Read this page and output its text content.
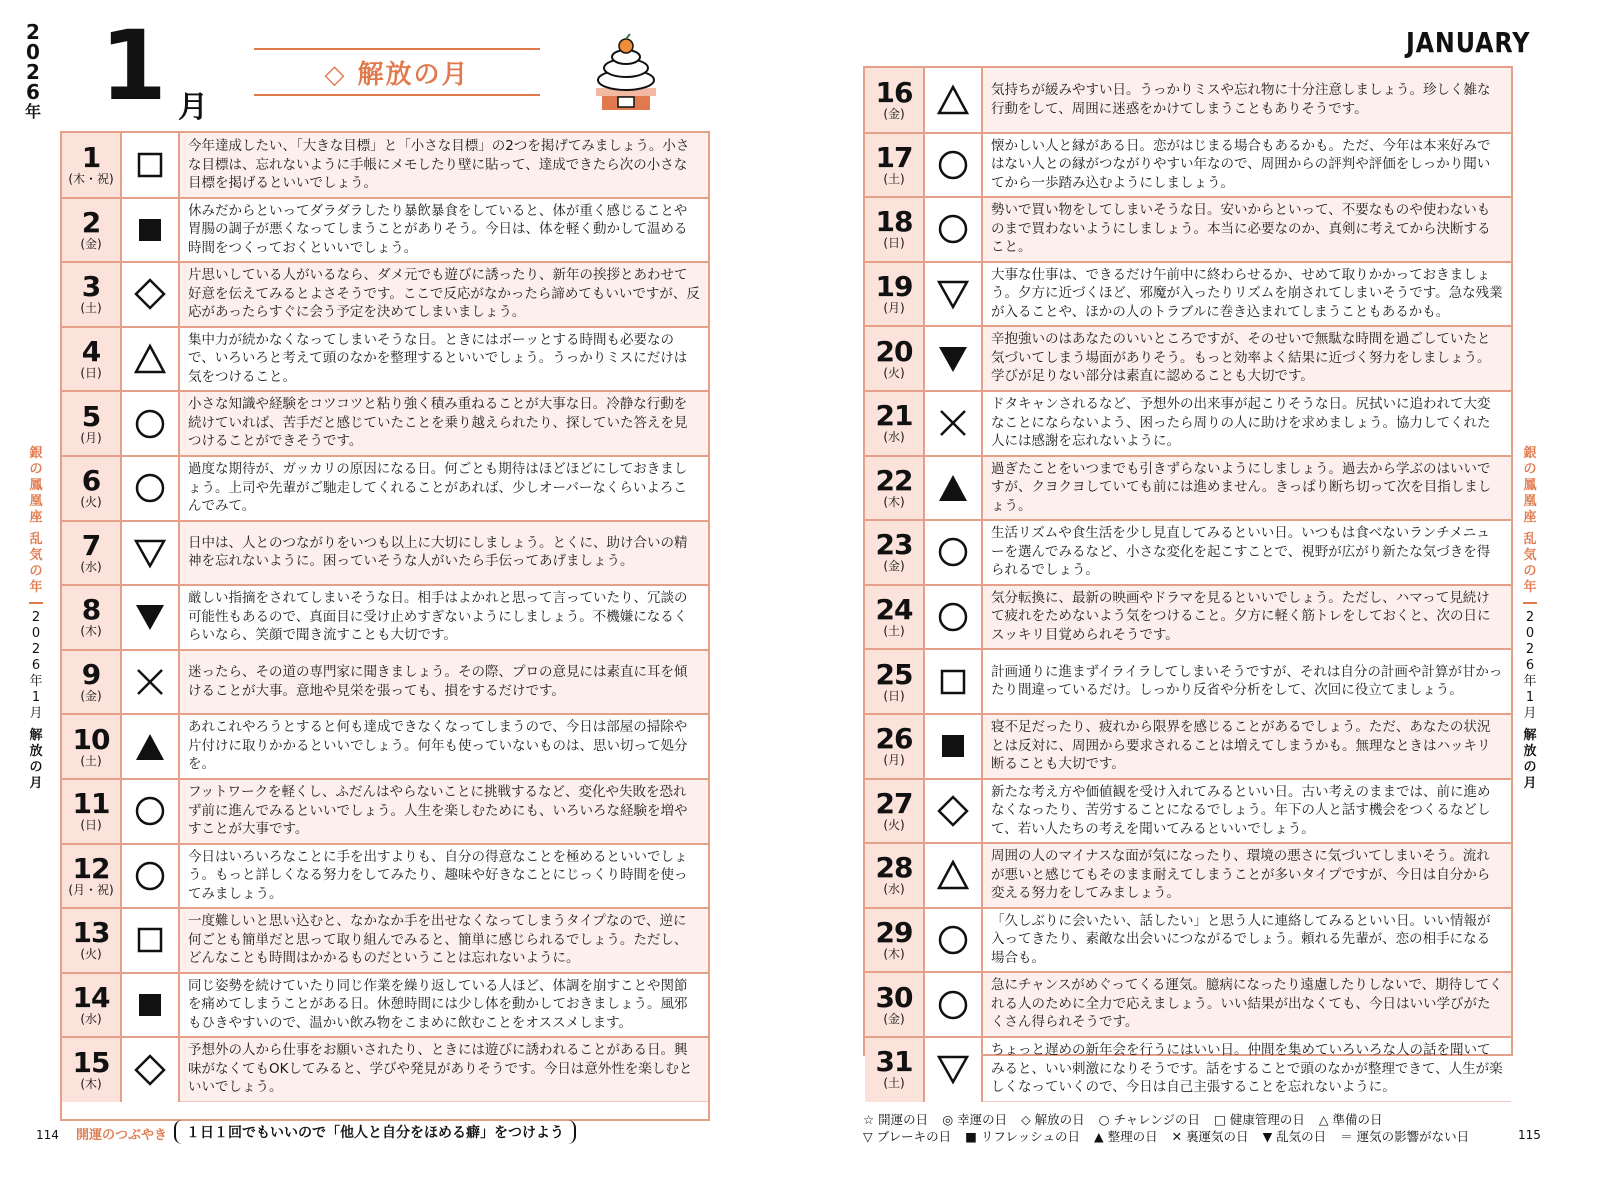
2
0
2
6
年 1 月
◇ 解放の月
銀
の
鳳
凰
座
乱
気
の
年
2
0
2
6
年
1
月
解
放
の
月
1
(木・祝)
今年達成したい、「大きな目標」と「小さな目標」の2つを掲げてみましょう。小さな目標は、忘れないように手帳にメモしたり壁に貼って、達成できたら次の小さな目標を掲げるといいでしょう。
2
(金)
休みだからといってダラダラしたり暴飲暴食をしていると、体が重く感じることや胃腸の調子が悪くなってしまうことがありそう。今日は、体を軽く動かして温める時間をつくっておくといいでしょう。
3
(土)
片思いしている人がいるなら、ダメ元でも遊びに誘ったり、新年の挨拶とあわせて好意を伝えてみるとよさそうです。ここで反応がなかったら諦めてもいいですが、反応があったらすぐに会う予定を決めてしまいましょう。
4
(日)
集中力が続かなくなってしまいそうな日。ときにはボーッとする時間も必要なので、いろいろと考えて頭のなかを整理するといいでしょう。うっかりミスにだけは気をつけること。
5
(月)
小さな知識や経験をコツコツと粘り強く積み重ねることが大事な日。冷静な行動を続けていれば、苦手だと感じていたことを乗り越えられたり、探していた答えを見つけることができそうです。
6
(火)
過度な期待が、ガッカリの原因になる日。何ごとも期待はほどほどにしておきましょう。上司や先輩がご馳走してくれることがあれば、少しオーバーなくらいよろこんでみて。
7
(水)
日中は、人とのつながりをいつも以上に大切にしましょう。とくに、助け合いの精神を忘れないように。困っていそうな人がいたら手伝ってあげましょう。
8
(木)
厳しい指摘をされてしまいそうな日。相手はよかれと思って言っていたり、冗談の可能性もあるので、真面目に受け止めすぎないようにしましょう。不機嫌になるくらいなら、笑顔で聞き流すことも大切です。
9
(金)
迷ったら、その道の専門家に聞きましょう。その際、プロの意見には素直に耳を傾けることが大事。意地や見栄を張っても、損をするだけです。
10
(土)
あれこれやろうとすると何も達成できなくなってしまうので、今日は部屋の掃除や片付けに取りかかるといいでしょう。何年も使っていないものは、思い切って処分を。
11
(日)
フットワークを軽くし、ふだんはやらないことに挑戦するなど、変化や失敗を恐れず前に進んでみるといいでしょう。人生を楽しむためにも、いろいろな経験を増やすことが大事です。
12
(月・祝)
今日はいろいろなことに手を出すよりも、自分の得意なことを極めるといいでしょう。もっと詳しくなる努力をしてみたり、趣味や好きなことにじっくり時間を使ってみましょう。
13
(火)
一度難しいと思い込むと、なかなか手を出せなくなってしまうタイプなので、逆に何ごとも簡単だと思って取り組んでみると、簡単に感じられるでしょう。ただし、どんなことも時間はかかるものだということは忘れないように。
14
(水)
同じ姿勢を続けていたり同じ作業を繰り返している人ほど、体調を崩すことや関節を痛めてしまうことがある日。休憩時間には少し体を動かしておきましょう。風邪もひきやすいので、温かい飲み物をこまめに飲むことをオススメします。
15
(木)
予想外の人から仕事をお願いされたり、ときには遊びに誘われることがある日。興味がなくてもOKしてみると、学びや発見がありそうです。今日は意外性を楽しむといいでしょう。
114 開運のつぶやき	１日１回でもいいので「他人と自分をほめる癖」をつけよう
JANUARY
銀
の
鳳
凰
座
乱
気
の
年
2
0
2
6
年
1
月
解
放
の
月
16
(金)
気持ちが緩みやすい日。うっかりミスや忘れ物に十分注意しましょう。珍しく雑な行動をして、周囲に迷惑をかけてしまうこともありそうです。
17
(土)
懐かしい人と縁がある日。恋がはじまる場合もあるかも。ただ、今年は本来好みではない人との縁がつながりやすい年なので、周囲からの評判や評価をしっかり聞いてから一歩踏み込むようにしましょう。
18
(日)
勢いで買い物をしてしまいそうな日。安いからといって、不要なものや使わないものまで買わないようにしましょう。本当に必要なのか、真剣に考えてから決断すること。
19
(月)
大事な仕事は、できるだけ午前中に終わらせるか、せめて取りかかっておきましょう。夕方に近づくほど、邪魔が入ったりリズムを崩されてしまいそうです。急な残業が入ることや、ほかの人のトラブルに巻き込まれてしまうこともあるかも。
20
(火)
辛抱強いのはあなたのいいところですが、そのせいで無駄な時間を過ごしていたと気づいてしまう場面がありそう。もっと効率よく結果に近づく努力をしましょう。学びが足りない部分は素直に認めることも大切です。
21
(水)
ドタキャンされるなど、予想外の出来事が起こりそうな日。尻拭いに追われて大変なことにならないよう、困ったら周りの人に助けを求めましょう。協力してくれた人には感謝を忘れないように。
22
(木)
過ぎたことをいつまでも引きずらないようにしましょう。過去から学ぶのはいいですが、クヨクヨしていても前には進めません。きっぱり断ち切って次を目指しましょう。
23
(金)
生活リズムや食生活を少し見直してみるといい日。いつもは食べないランチメニューを選んでみるなど、小さな変化を起こすことで、視野が広がり新たな気づきを得られるでしょう。
24
(土)
気分転換に、最新の映画やドラマを見るといいでしょう。ただし、ハマって見続けて疲れをためないよう気をつけること。夕方に軽く筋トレをしておくと、次の日にスッキリ目覚められそうです。
25
(日)
計画通りに進まずイライラしてしまいそうですが、それは自分の計画や計算が甘かったり間違っているだけ。しっかり反省や分析をして、次回に役立てましょう。
26
(月)
寝不足だったり、疲れから限界を感じることがあるでしょう。ただ、あなたの状況とは反対に、周囲から要求されることは増えてしまうかも。無理なときはハッキリ断ることも大切です。
27
(火)
新たな考え方や価値観を受け入れてみるといい日。古い考えのままでは、前に進めなくなったり、苦労することになるでしょう。年下の人と話す機会をつくるなどして、若い人たちの考えを聞いてみるといいでしょう。
28
(水)
周囲の人のマイナスな面が気になったり、環境の悪さに気づいてしまいそう。流れが悪いと感じてもそのまま耐えてしまうことが多いタイプですが、今日は自分から変える努力をしてみましょう。
29
(木)
「久しぶりに会いたい、話したい」と思う人に連絡してみるといい日。いい情報が入ってきたり、素敵な出会いにつながるでしょう。頼れる先輩が、恋の相手になる場合も。
30
(金)
急にチャンスがめぐってくる運気。臆病になったり遠慮したりしないで、期待してくれる人のために全力で応えましょう。いい結果が出なくても、今日はいい学びがたくさん得られそうです。
31
(土)
ちょっと遅めの新年会を行うにはいい日。仲間を集めていろいろな人の話を聞いてみると、いい刺激になりそうです。話をすることで頭のなかが整理できて、人生が楽しくなっていくので、今日は自己主張することを忘れないように。
☆ 開運の日 ◎ 幸運の日 ◇ 解放の日 ○ チャレンジの日 □ 健康管理の日 △ 準備の日
▽ ブレーキの日 ■ リフレッシュの日 ▲ 整理の日 ✕ 裏運気の日 ▼ 乱気の日 ＝ 運気の影響がない日	115
